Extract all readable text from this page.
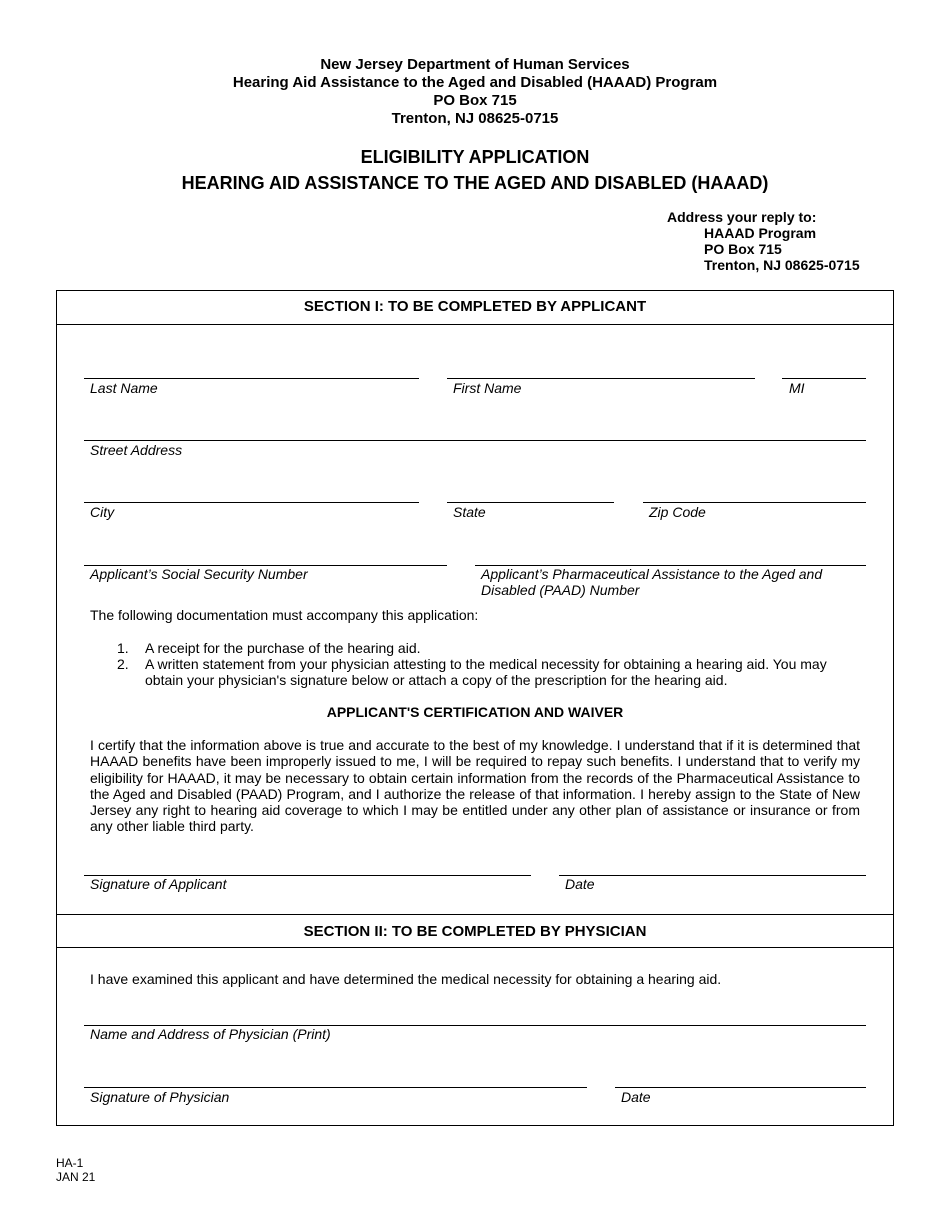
New Jersey Department of Human Services
Hearing Aid Assistance to the Aged and Disabled (HAAAD) Program
PO Box 715
Trenton, NJ 08625-0715
ELIGIBILITY APPLICATION
HEARING AID ASSISTANCE TO THE AGED AND DISABLED (HAAAD)
Address your reply to:
HAAAD Program
PO Box 715
Trenton, NJ 08625-0715
SECTION I: TO BE COMPLETED BY APPLICANT
Last Name	First Name	MI
Street Address
City	State	Zip Code
Applicant’s Social Security Number	Applicant’s Pharmaceutical Assistance to the Aged and
Disabled (PAAD) Number
The following documentation must accompany this application:
1. A receipt for the purchase of the hearing aid.
2. A written statement from your physician attesting to the medical necessity for obtaining a hearing aid. You may
obtain your physician's signature below or attach a copy of the prescription for the hearing aid.
APPLICANT'S CERTIFICATION AND WAIVER
I certify that the information above is true and accurate to the best of my knowledge. I understand that if it is determined that HAAAD benefits have been improperly issued to me, I will be required to repay such benefits. I understand that to verify my eligibility for HAAAD, it may be necessary to obtain certain information from the records of the Pharmaceutical Assistance to the Aged and Disabled (PAAD) Program, and I authorize the release of that information. I hereby assign to the State of New Jersey any right to hearing aid coverage to which I may be entitled under any other plan of assistance or insurance or from any other liable third party.
Signature of Applicant	Date
SECTION II: TO BE COMPLETED BY PHYSICIAN
I have examined this applicant and have determined the medical necessity for obtaining a hearing aid.
Name and Address of Physician (Print)
Signature of Physician	Date
HA-1
JAN 21
